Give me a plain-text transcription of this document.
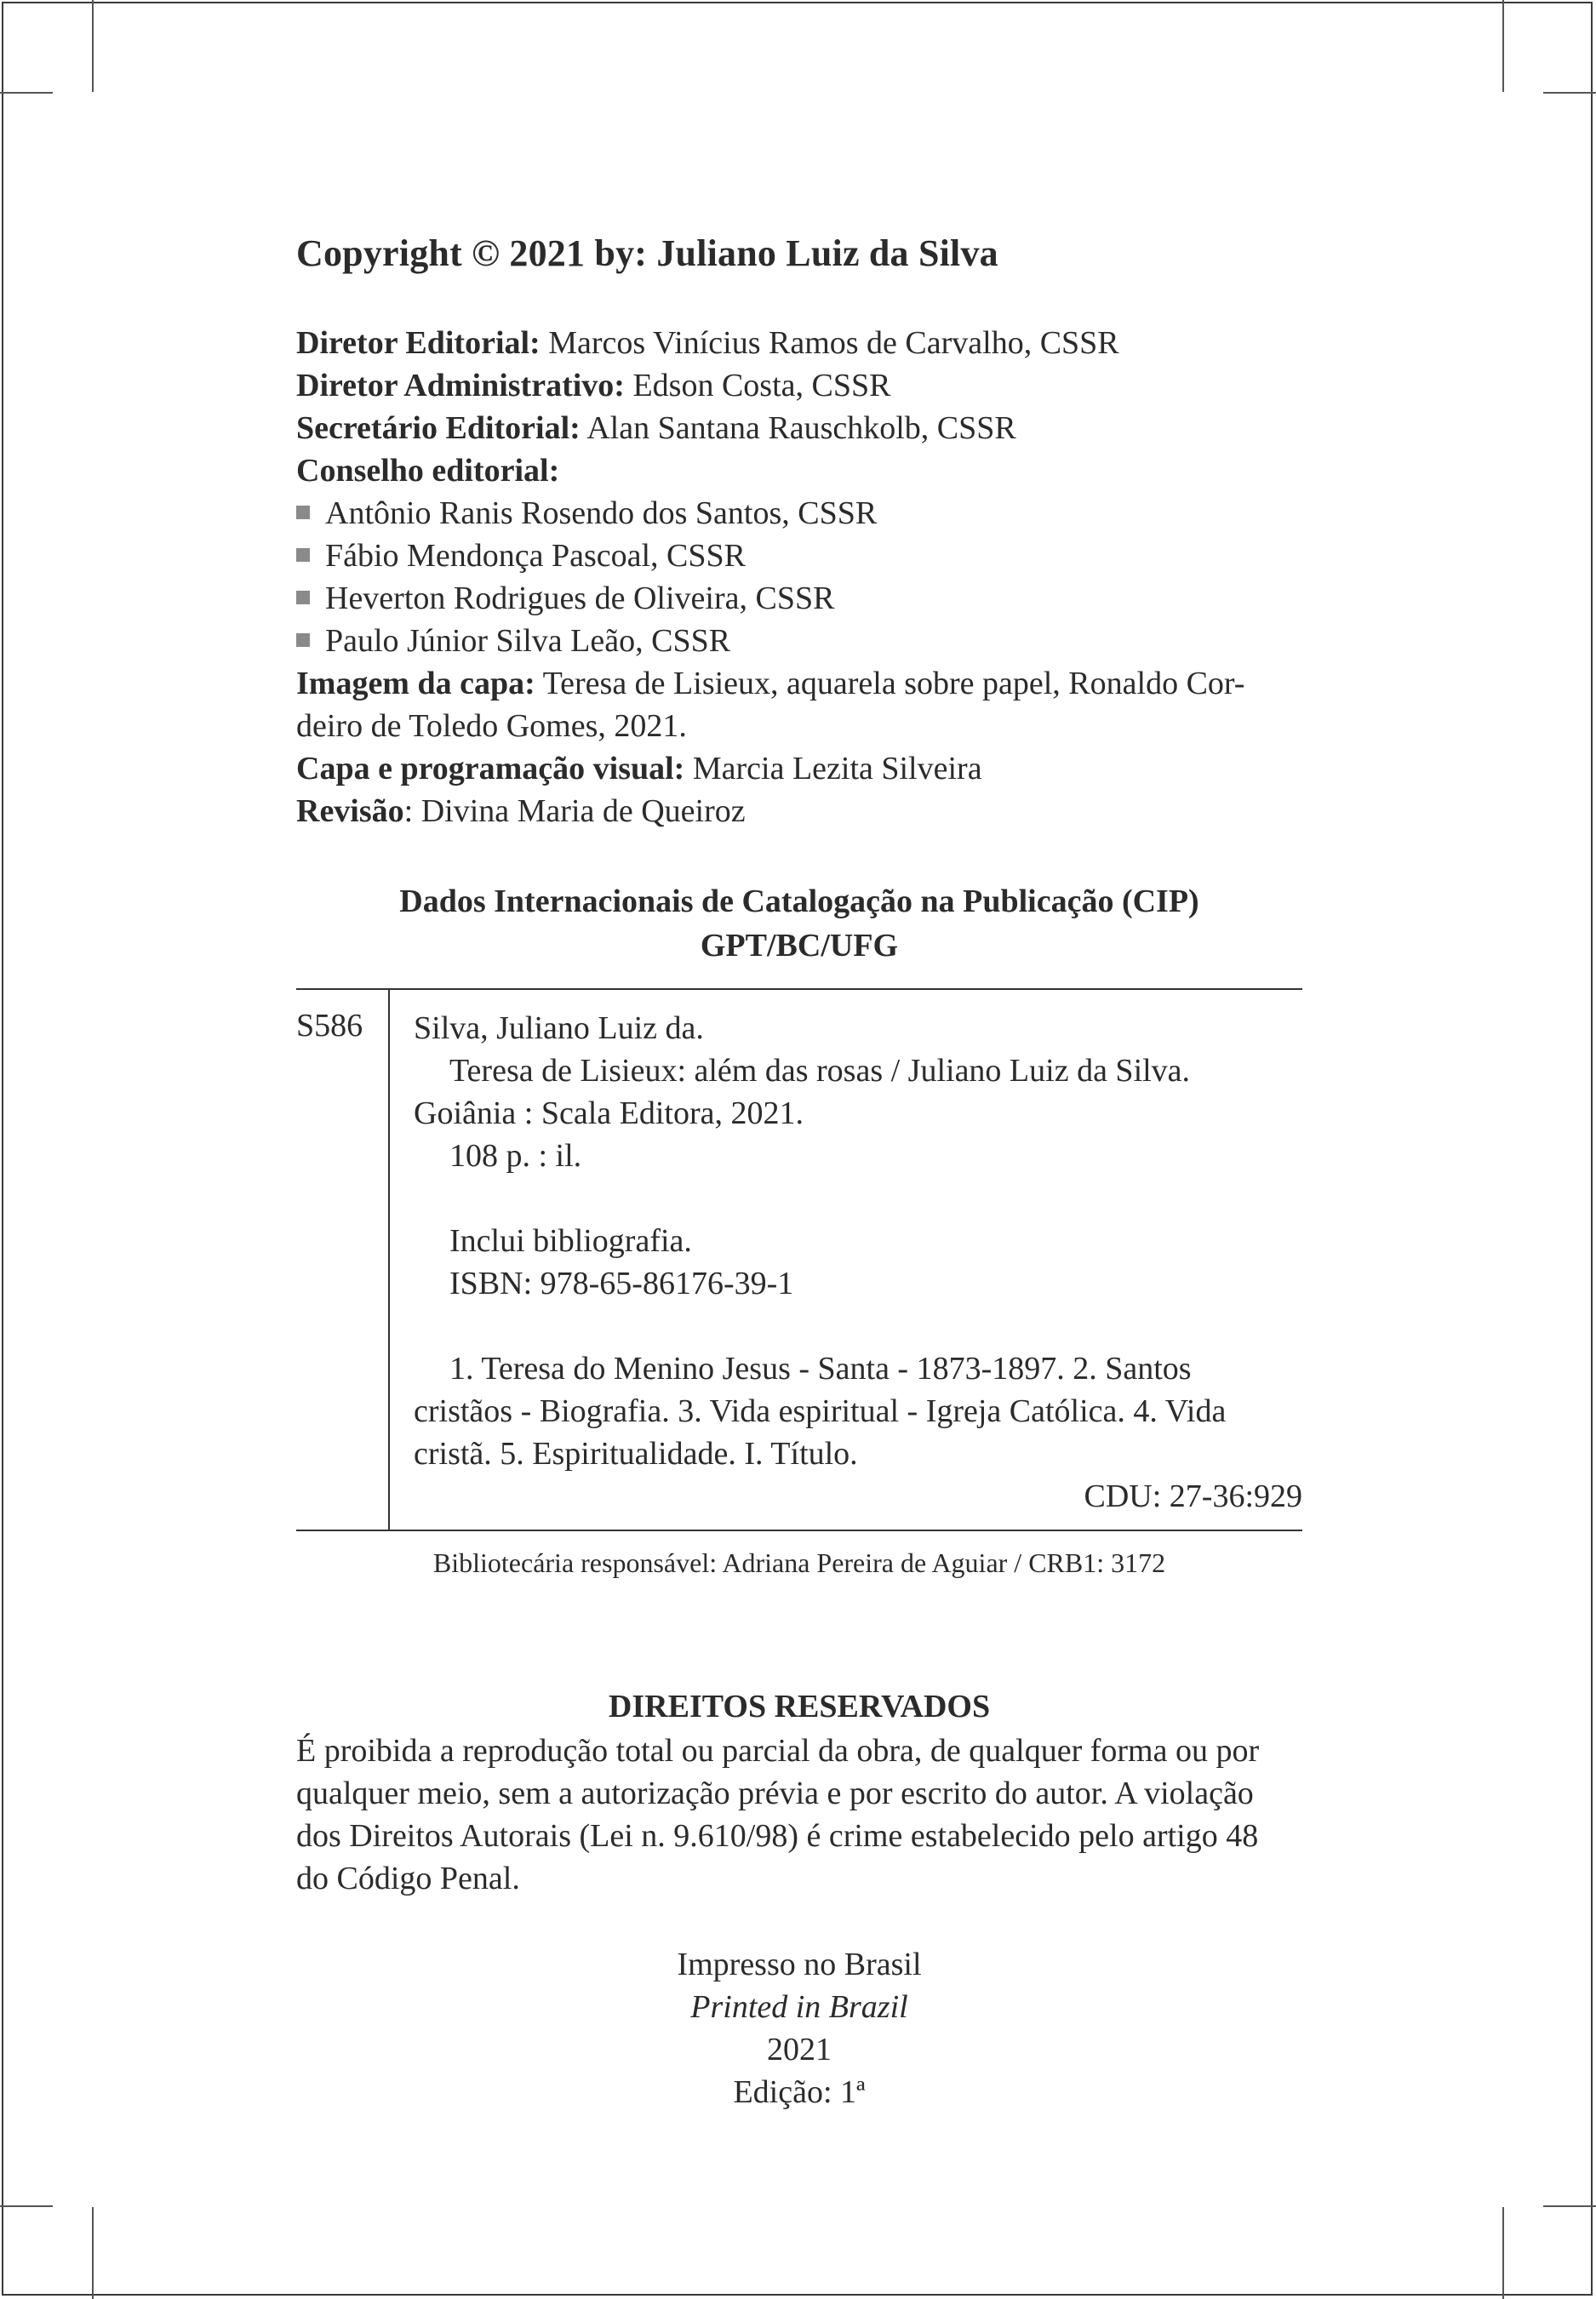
Copyright © 2021 by: Juliano Luiz da Silva
Diretor Editorial: Marcos Vinícius Ramos de Carvalho, CSSR
Diretor Administrativo: Edson Costa, CSSR
Secretário Editorial: Alan Santana Rauschkolb, CSSR
Conselho editorial:
Antônio Ranis Rosendo dos Santos, CSSR
Fábio Mendonça Pascoal, CSSR
Heverton Rodrigues de Oliveira, CSSR
Paulo Júnior Silva Leão, CSSR
Imagem da capa: Teresa de Lisieux, aquarela sobre papel, Ronaldo Cor-
deiro de Toledo Gomes, 2021.
Capa e programação visual: Marcia Lezita Silveira
Revisão: Divina Maria de Queiroz
Dados Internacionais de Catalogação na Publicação (CIP)
GPT/BC/UFG
S586 Silva, Juliano Luiz da.
Teresa de Lisieux: além das rosas / Juliano Luiz da Silva.
Goiânia : Scala Editora, 2021.
108 p. : il.
Inclui bibliografia.
ISBN: 978-65-86176-39-1
1. Teresa do Menino Jesus - Santa - 1873-1897. 2. Santos
cristãos - Biografia. 3. Vida espiritual - Igreja Católica. 4. Vida
cristã. 5. Espiritualidade. I. Título.
CDU: 27-36:929
Bibliotecária responsável: Adriana Pereira de Aguiar / CRB1: 3172
DIREITOS RESERVADOS
É proibida a reprodução total ou parcial da obra, de qualquer forma ou por
qualquer meio, sem a autorização prévia e por escrito do autor. A violação
dos Direitos Autorais (Lei n. 9.610/98) é crime estabelecido pelo artigo 48
do Código Penal.
Impresso no Brasil
Printed in Brazil
2021
Edição: 1ª
